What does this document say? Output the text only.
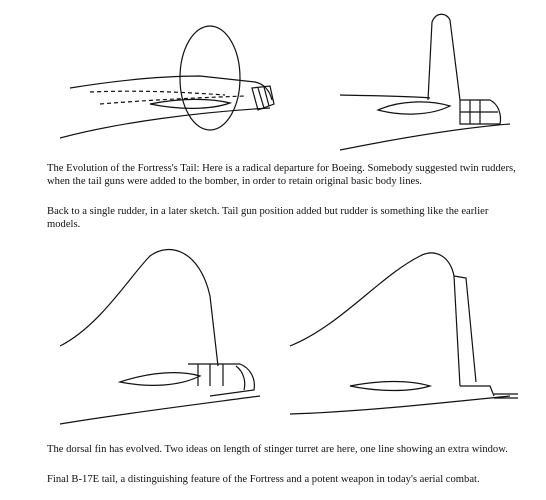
The Evolution of the Fortress's Tail: Here is a radical departure for Boeing. Somebody suggested twin rudders, when the tail guns were added to the bomber, in order to retain original basic body lines.

Back to a single rudder, in a later sketch. Tail gun position added but rudder is something like the earlier models.

The dorsal fin has evolved. Two ideas on length of stinger turret are here, one line showing an extra window.

Final B-17E tail, a distinguishing feature of the Fortress and a potent weapon in today's aerial combat.
